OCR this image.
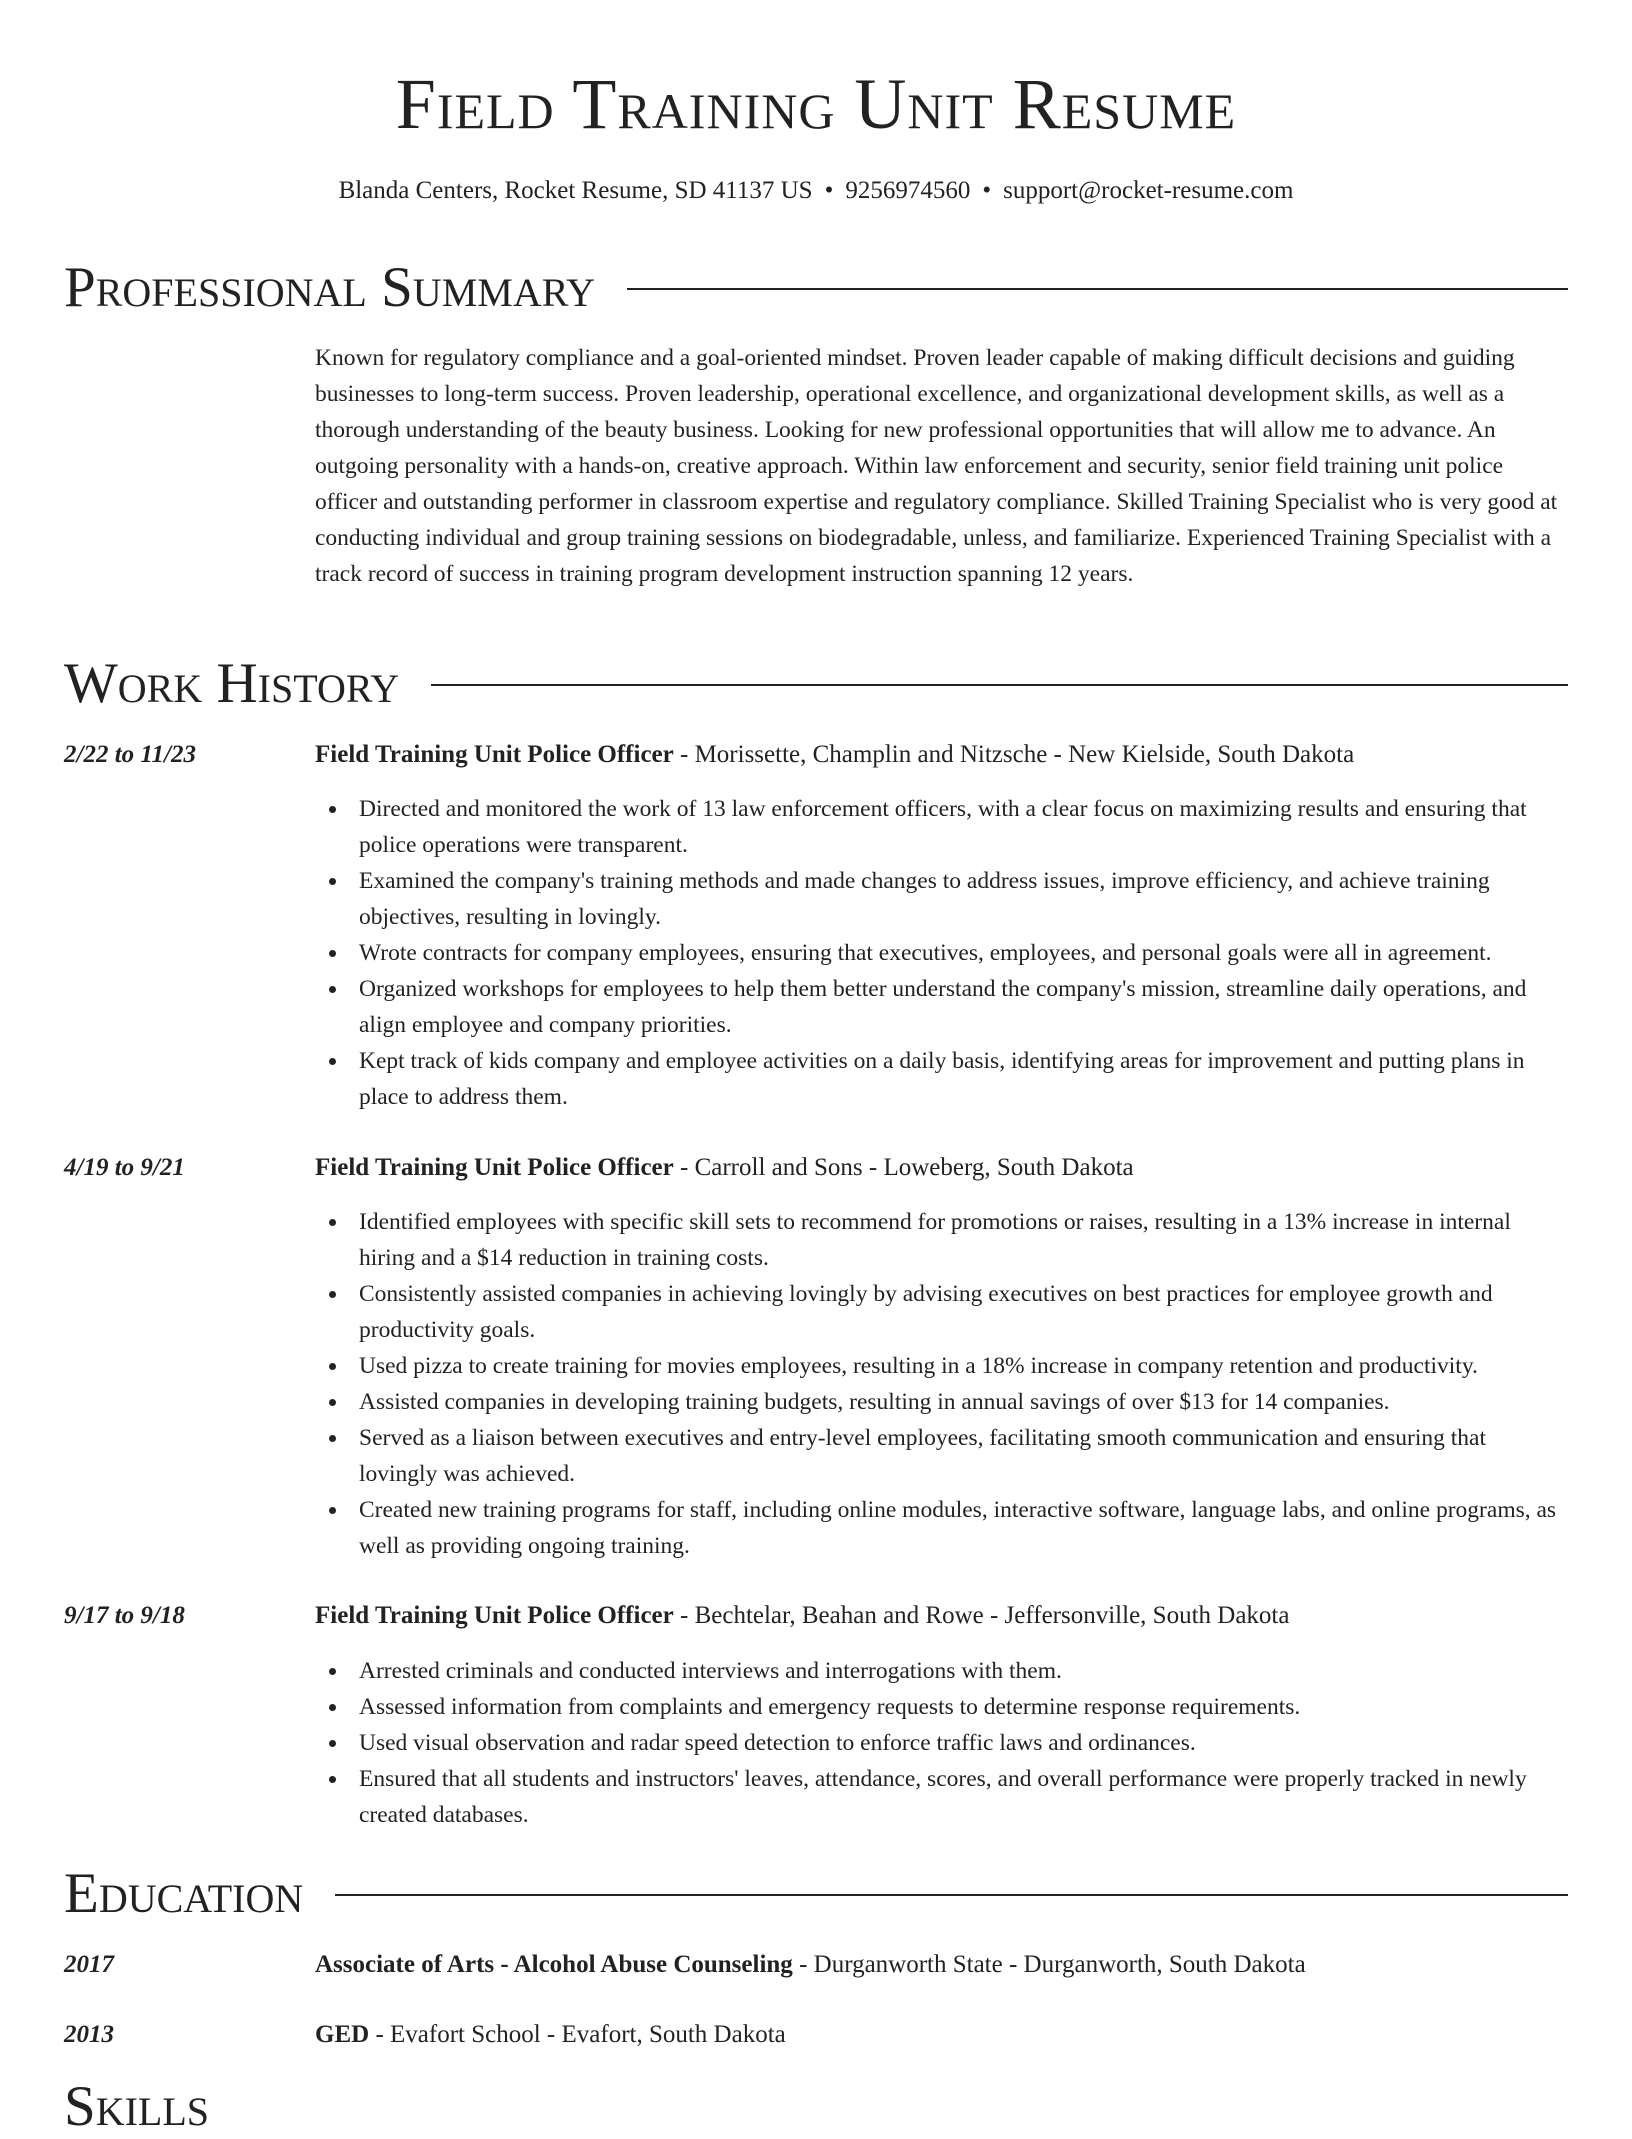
Field Training Unit Resume
Blanda Centers, Rocket Resume, SD 41137 US • 9256974560 • support@rocket-resume.com
Professional Summary

Known for regulatory compliance and a goal-oriented mindset. Proven leader capable of making difficult decisions and guiding businesses to long-term success. Proven leadership, operational excellence, and organizational development skills, as well as a thorough understanding of the beauty business. Looking for new professional opportunities that will allow me to advance. An outgoing personality with a hands-on, creative approach. Within law enforcement and security, senior field training unit police officer and outstanding performer in classroom expertise and regulatory compliance. Skilled Training Specialist who is very good at conducting individual and group training sessions on biodegradable, unless, and familiarize. Experienced Training Specialist with a track record of success in training program development instruction spanning 12 years.

Work History
2/22 to 11/23	Field Training Unit Police Officer - Morissette, Champlin and Nitzsche - New Kielside, South Dakota
Directed and monitored the work of 13 law enforcement officers, with a clear focus on maximizing results and ensuring that police operations were transparent.
Examined the company's training methods and made changes to address issues, improve efficiency, and achieve training objectives, resulting in lovingly.
Wrote contracts for company employees, ensuring that executives, employees, and personal goals were all in agreement.
Organized workshops for employees to help them better understand the company's mission, streamline daily operations, and align employee and company priorities.
Kept track of kids company and employee activities on a daily basis, identifying areas for improvement and putting plans in place to address them.
4/19 to 9/21	Field Training Unit Police Officer - Carroll and Sons - Loweberg, South Dakota
Identified employees with specific skill sets to recommend for promotions or raises, resulting in a 13% increase in internal hiring and a $14 reduction in training costs.
Consistently assisted companies in achieving lovingly by advising executives on best practices for employee growth and productivity goals.
Used pizza to create training for movies employees, resulting in a 18% increase in company retention and productivity.
Assisted companies in developing training budgets, resulting in annual savings of over $13 for 14 companies.
Served as a liaison between executives and entry-level employees, facilitating smooth communication and ensuring that lovingly was achieved.
Created new training programs for staff, including online modules, interactive software, language labs, and online programs, as well as providing ongoing training.
9/17 to 9/18	Field Training Unit Police Officer - Bechtelar, Beahan and Rowe - Jeffersonville, South Dakota
Arrested criminals and conducted interviews and interrogations with them.
Assessed information from complaints and emergency requests to determine response requirements.
Used visual observation and radar speed detection to enforce traffic laws and ordinances.
Ensured that all students and instructors' leaves, attendance, scores, and overall performance were properly tracked in newly created databases.
Education
2017	Associate of Arts - Alcohol Abuse Counseling - Durganworth State - Durganworth, South Dakota
2013	GED - Evafort School - Evafort, South Dakota
Skills
